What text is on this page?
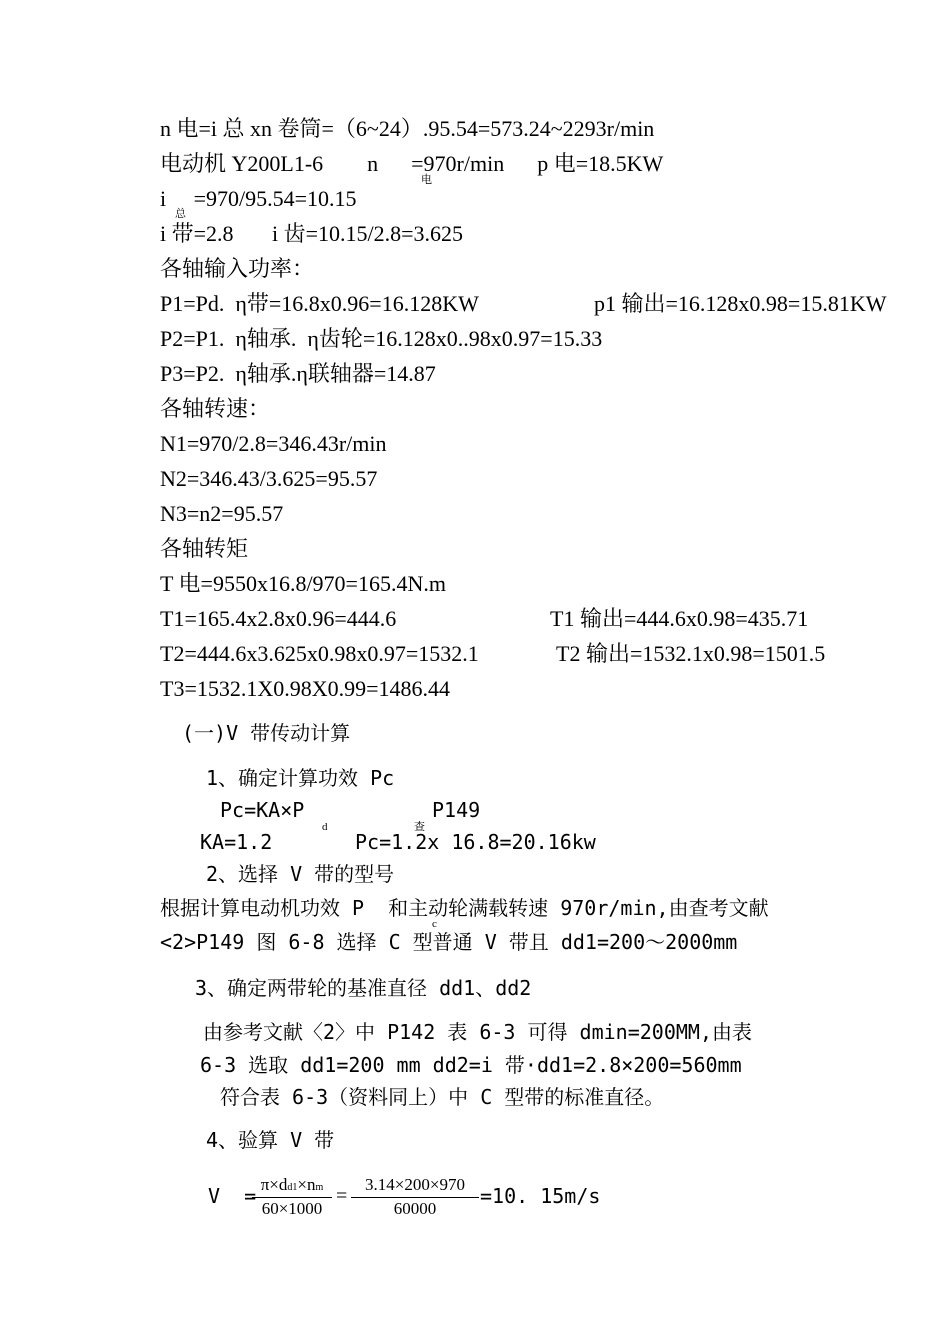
n 电=i 总 xn 卷筒=（6~24）.95.54=573.24~2293r/min
电动机 Y200L1-6        n      =970r/min      p 电=18.5KW
电
i     =970/95.54=10.15
总
i 带=2.8       i 齿=10.15/2.8=3.625
各轴输入功率：
P1=Pd.  η带=16.8x0.96=16.128KW	p1 输出=16.128x0.98=15.81KW
P2=P1.  η轴承.  η齿轮=16.128x0..98x0.97=15.33
P3=P2.  η轴承.η联轴器=14.87
各轴转速：
N1=970/2.8=346.43r/min
N2=346.43/3.625=95.57
N3=n2=95.57
各轴转矩
T 电=9550x16.8/970=165.4N.m
T1=165.4x2.8x0.96=444.6	T1 输出=444.6x0.98=435.71
T2=444.6x3.625x0.98x0.97=1532.1	T2 输出=1532.1x0.98=1501.5
T3=1532.1X0.98X0.99=1486.44
(一)V 带传动计算
1、确定计算功效 Pc
Pc=KA×P
d
P149
查
KA=1.2	Pc=1.2x 16.8=20.16kw
2、选择 V 带的型号
根据计算电动机功效 P  和主动轮满载转速 970r/min,由查考文献
c
<2>P149 图 6-8 选择 C 型普通 V 带且 dd1=200～2000mm
3、确定两带轮的基准直径 dd1、dd2
由参考文献〈2〉中 P142 表 6-3 可得 dmin=200MM,由表
6-3 选取 dd1=200 mm dd2=i 带·dd1=2.8×200=560mm
符合表 6-3（资料同上）中 C 型带的标准直径。
4、验算 V 带
V  = π×dd1×nm
60×1000
=
3.14×200×970
60000
=10. 15m/s
